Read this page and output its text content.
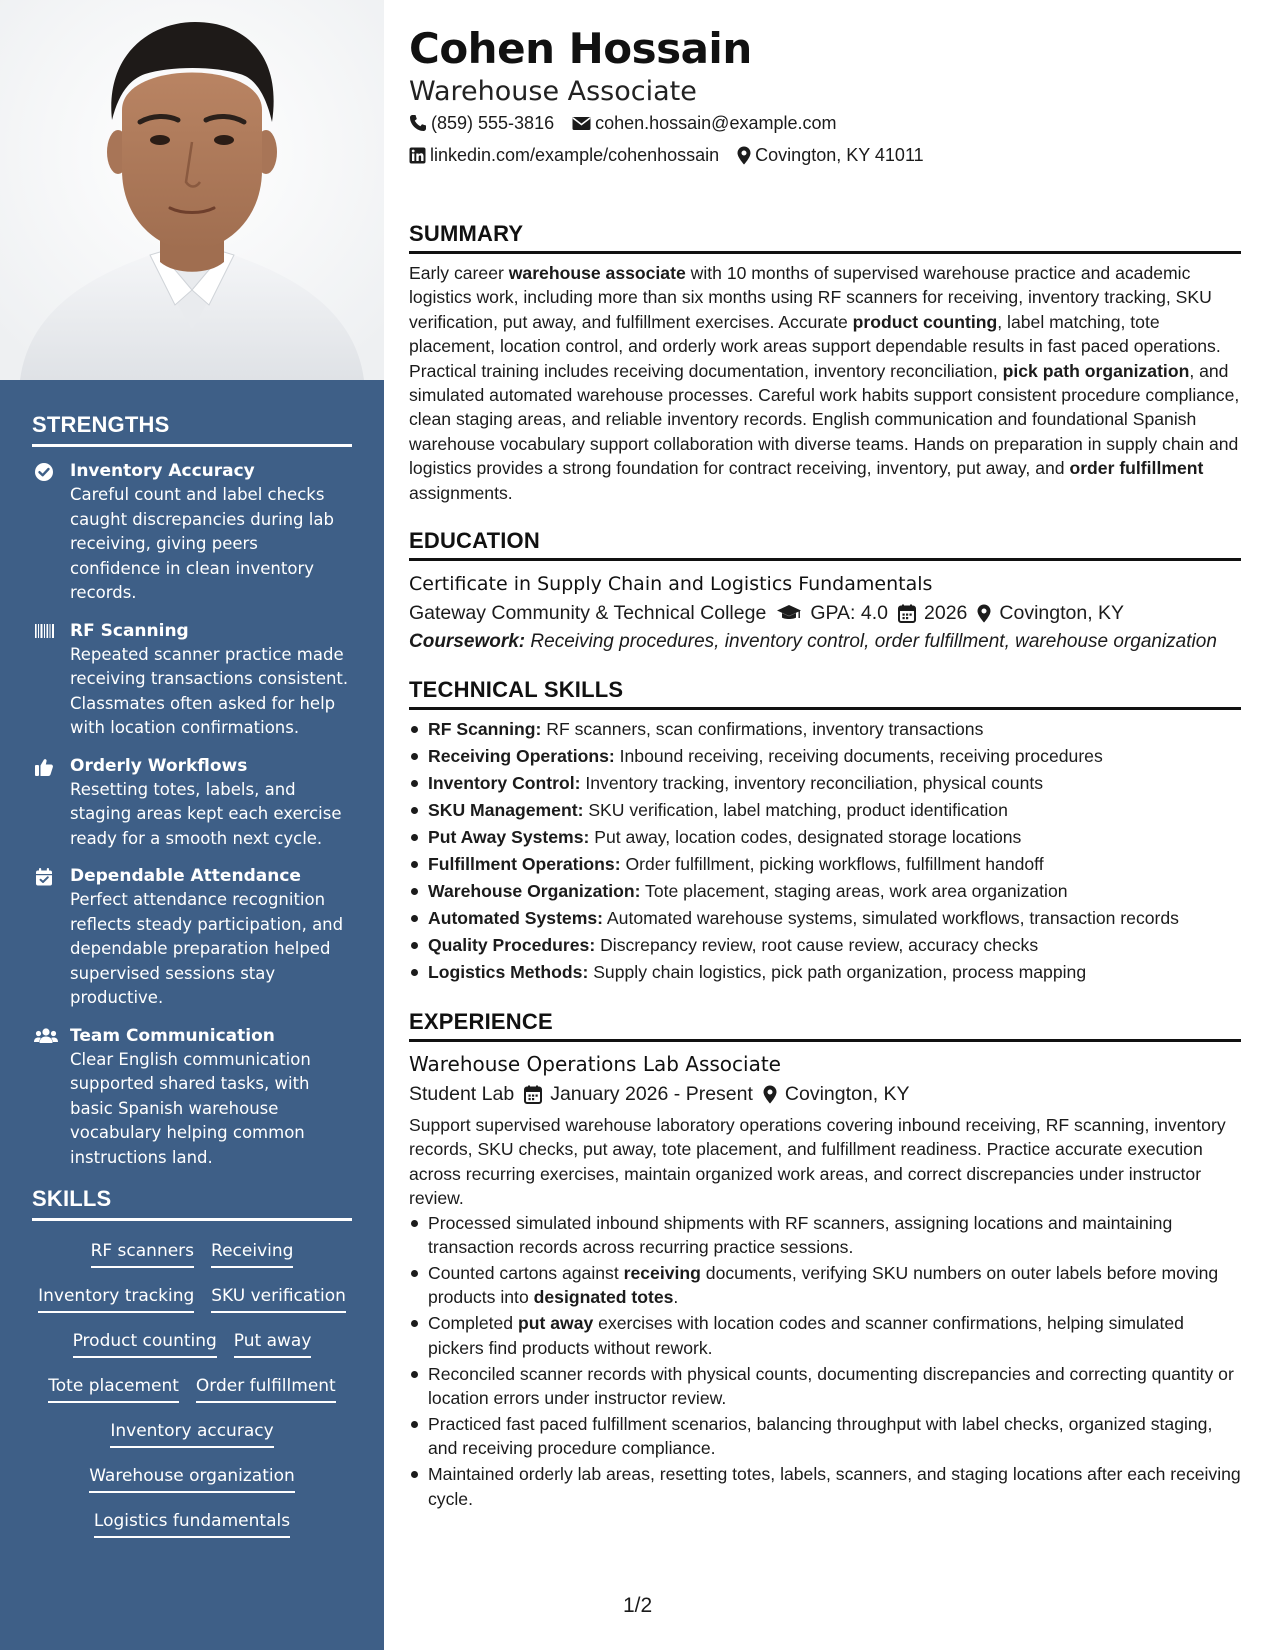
STRENGTHS
Inventory Accuracy
Careful count and label checks caught discrepancies during lab receiving, giving peers confidence in clean inventory records.
RF Scanning
Repeated scanner practice made receiving transactions consistent. Classmates often asked for help with location confirmations.
Orderly Workflows
Resetting totes, labels, and staging areas kept each exercise ready for a smooth next cycle.
Dependable Attendance
Perfect attendance recognition reflects steady participation, and dependable preparation helped supervised sessions stay productive.
Team Communication
Clear English communication supported shared tasks, with basic Spanish warehouse vocabulary helping common instructions land.
SKILLS
RF scanners Receiving
Inventory tracking SKU verification
Product counting Put away
Tote placement Order fulfillment
Inventory accuracy
Warehouse organization
Logistics fundamentals
Cohen Hossain
Warehouse Associate
(859) 555-3816 cohen.hossain@example.com
linkedin.com/example/cohenhossain Covington, KY 41011
SUMMARY
Early career warehouse associate with 10 months of supervised warehouse practice and academic logistics work, including more than six months using RF scanners for receiving, inventory tracking, SKU verification, put away, and fulfillment exercises. Accurate product counting, label matching, tote placement, location control, and orderly work areas support dependable results in fast paced operations. Practical training includes receiving documentation, inventory reconciliation, pick path organization, and simulated automated warehouse processes. Careful work habits support consistent procedure compliance, clean staging areas, and reliable inventory records. English communication and foundational Spanish warehouse vocabulary support collaboration with diverse teams. Hands on preparation in supply chain and logistics provides a strong foundation for contract receiving, inventory, put away, and order fulfillment assignments.
EDUCATION
Certificate in Supply Chain and Logistics Fundamentals
Gateway Community & Technical College GPA: 4.0 2026 Covington, KY
Coursework: Receiving procedures, inventory control, order fulfillment, warehouse organization
TECHNICAL SKILLS
RF Scanning: RF scanners, scan confirmations, inventory transactions
Receiving Operations: Inbound receiving, receiving documents, receiving procedures
Inventory Control: Inventory tracking, inventory reconciliation, physical counts
SKU Management: SKU verification, label matching, product identification
Put Away Systems: Put away, location codes, designated storage locations
Fulfillment Operations: Order fulfillment, picking workflows, fulfillment handoff
Warehouse Organization: Tote placement, staging areas, work area organization
Automated Systems: Automated warehouse systems, simulated workflows, transaction records
Quality Procedures: Discrepancy review, root cause review, accuracy checks
Logistics Methods: Supply chain logistics, pick path organization, process mapping
EXPERIENCE
Warehouse Operations Lab Associate
Student Lab January 2026 - Present Covington, KY
Support supervised warehouse laboratory operations covering inbound receiving, RF scanning, inventory records, SKU checks, put away, tote placement, and fulfillment readiness. Practice accurate execution across recurring exercises, maintain organized work areas, and correct discrepancies under instructor review.
Processed simulated inbound shipments with RF scanners, assigning locations and maintaining transaction records across recurring practice sessions.
Counted cartons against receiving documents, verifying SKU numbers on outer labels before moving products into designated totes.
Completed put away exercises with location codes and scanner confirmations, helping simulated pickers find products without rework.
Reconciled scanner records with physical counts, documenting discrepancies and correcting quantity or location errors under instructor review.
Practiced fast paced fulfillment scenarios, balancing throughput with label checks, organized staging, and receiving procedure compliance.
Maintained orderly lab areas, resetting totes, labels, scanners, and staging locations after each receiving cycle.
1/2
